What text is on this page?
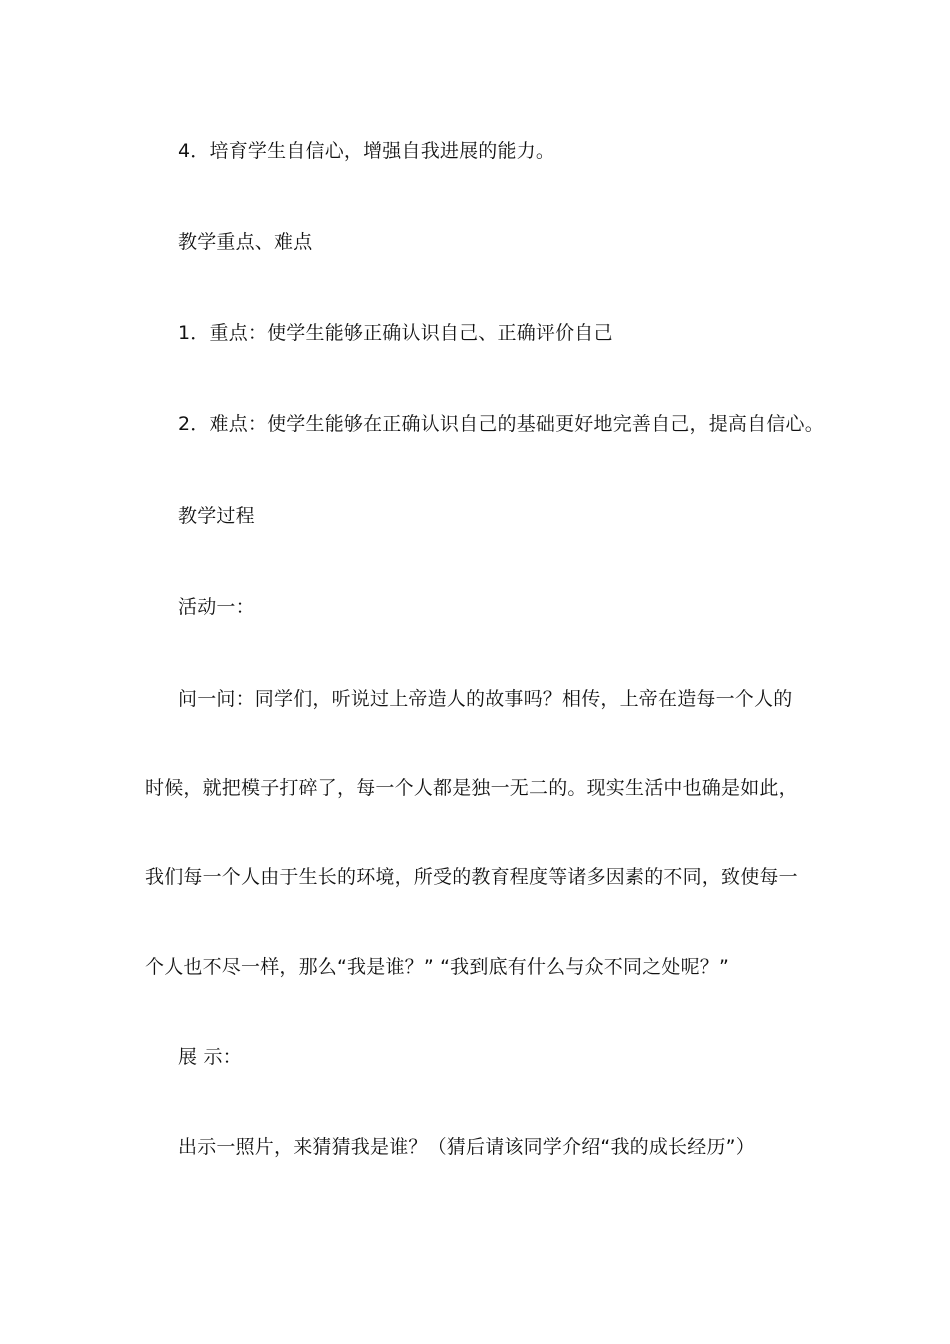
4．培育学生自信心，增强自我进展的能力。
教学重点、难点
1．重点：使学生能够正确认识自己、正确评价自己
2．难点：使学生能够在正确认识自己的基础更好地完善自己，提高自信心。
教学过程
活动一：
问一问：同学们，听说过上帝造人的故事吗？相传，上帝在造每一个人的
时候，就把模子打碎了，每一个人都是独一无二的。现实生活中也确是如此，
我们每一个人由于生长的环境，所受的教育程度等诸多因素的不同，致使每一
个人也不尽一样，那么“我是谁？” “我到底有什么与众不同之处呢？”
展 示：
出示一照片，来猜猜我是谁？（猜后请该同学介绍“我的成长经历”）
